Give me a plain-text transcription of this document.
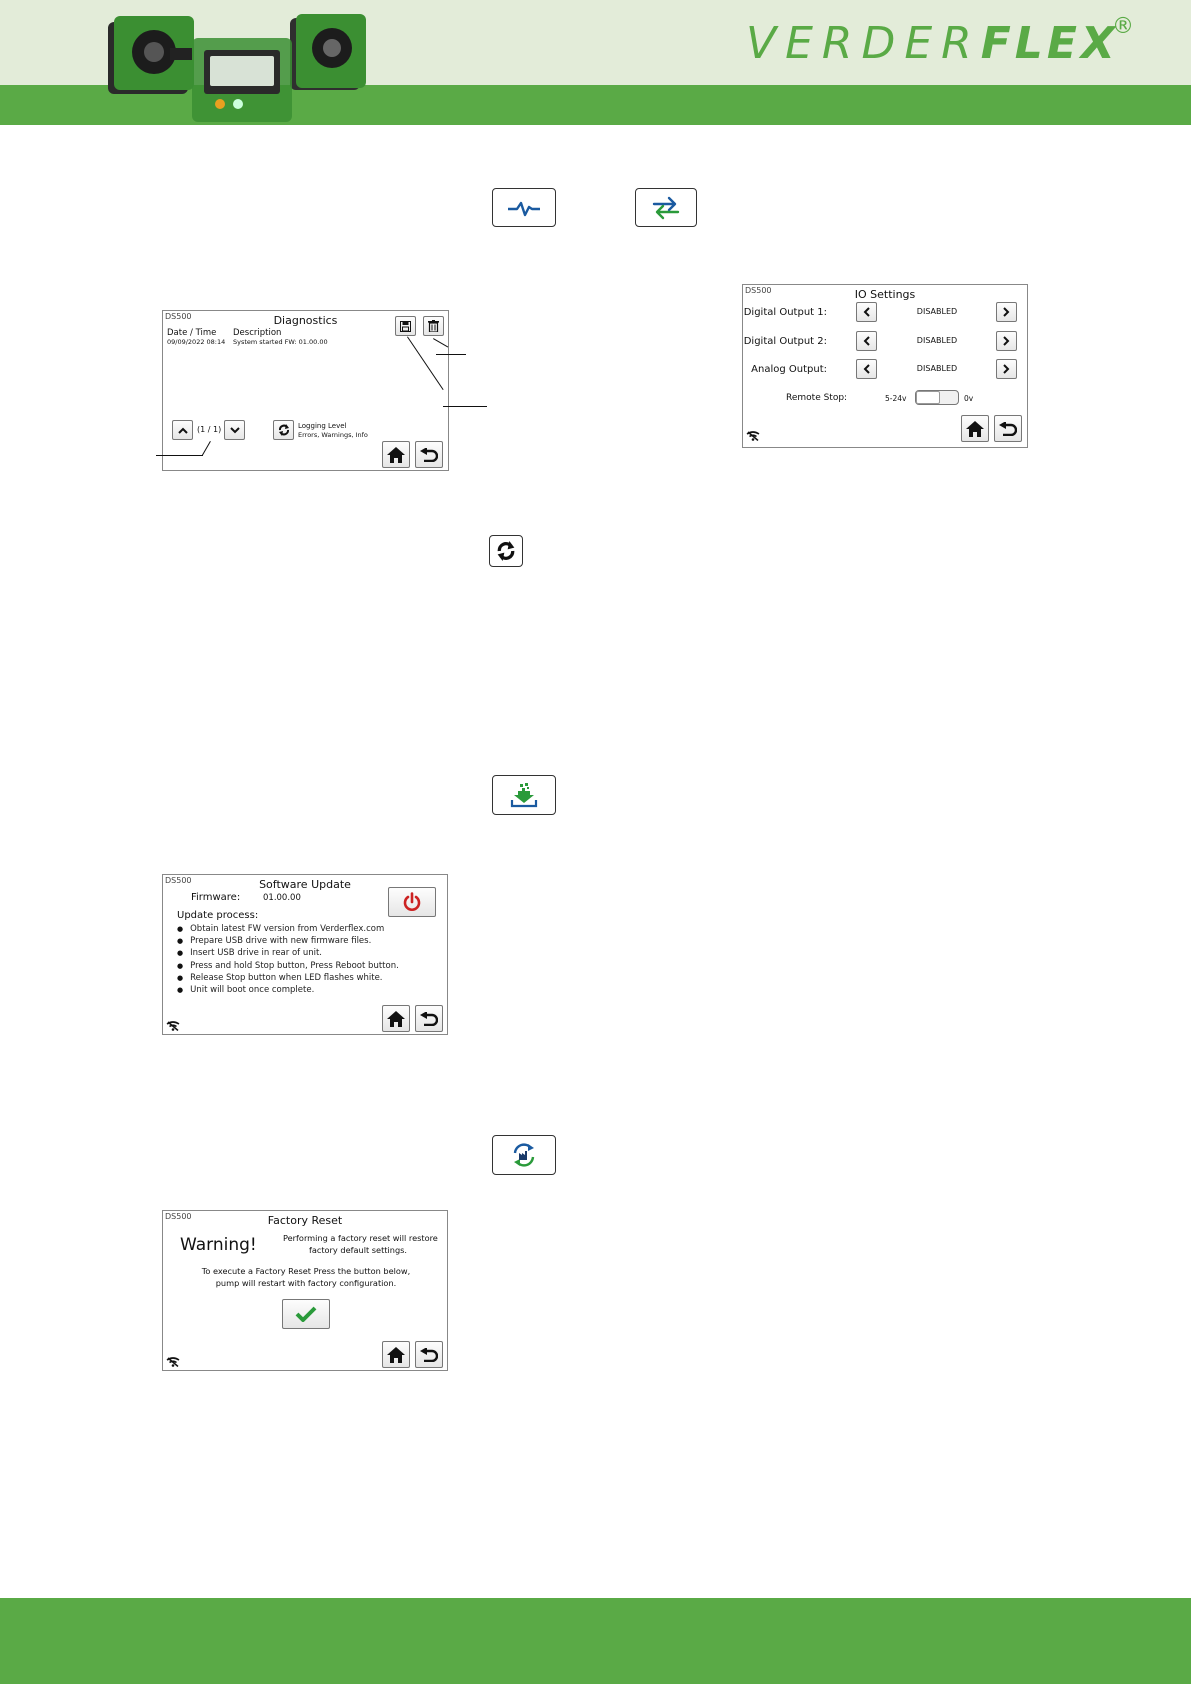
VERDERFLEX
®
DS500	Diagnostics
Date / Time Description
09/09/2022 08:14 System started FW: 01.00.00
(1 / 1)	Logging Level
Errors, Warnings, Info
DS500	IO Settings
Digital Output 1:	DISABLED
Digital Output 2:	DISABLED
Analog Output:	DISABLED
Remote Stop:	5-24v	0v
DS500	Software Update
Firmware:	01.00.00
Update process:
● Obtain latest FW version from Verderflex.com
● Prepare USB drive with new firmware files.
● Insert USB drive in rear of unit.
● Press and hold Stop button, Press Reboot button.
● Release Stop button when LED flashes white.
● Unit will boot once complete.
DS500	Factory Reset
Warning!	Performing a factory reset will restore
factory default settings.
To execute a Factory Reset Press the button below,
pump will restart with factory configuration.
